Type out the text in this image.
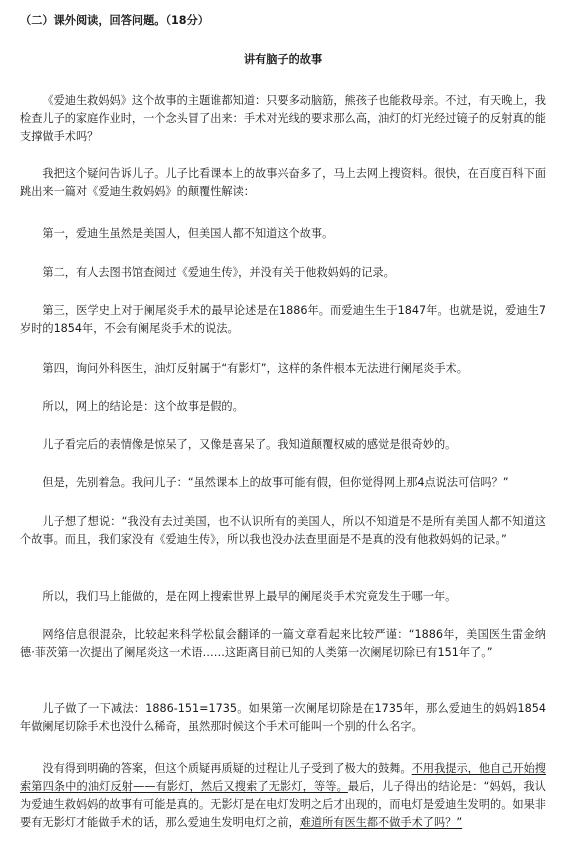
（二）课外阅读，回答问题。（18分）
讲有脑子的故事
《爱迪生救妈妈》这个故事的主题谁都知道：只要多动脑筋，熊孩子也能救母亲。不过，有天晚上，我检查儿子的家庭作业时，一个念头冒了出来：手术对光线的要求那么高，油灯的灯光经过镜子的反射真的能支撑做手术吗？
我把这个疑问告诉儿子。儿子比看课本上的故事兴奋多了，马上去网上搜资料。很快，在百度百科下面跳出来一篇对《爱迪生救妈妈》的颠覆性解读：
第一，爱迪生虽然是美国人，但美国人都不知道这个故事。
第二，有人去图书馆查阅过《爱迪生传》，并没有关于他救妈妈的记录。
第三，医学史上对于阑尾炎手术的最早论述是在1886年。而爱迪生生于1847年。也就是说，爱迪生7岁时的1854年，不会有阑尾炎手术的说法。
第四，询问外科医生，油灯反射属于“有影灯”，这样的条件根本无法进行阑尾炎手术。
所以，网上的结论是：这个故事是假的。
儿子看完后的表情像是惊呆了，又像是喜呆了。我知道颠覆权威的感觉是很奇妙的。
但是，先别着急。我问儿子：“虽然课本上的故事可能有假，但你觉得网上那4点说法可信吗？”
儿子想了想说：“我没有去过美国，也不认识所有的美国人，所以不知道是不是所有美国人都不知道这个故事。而且，我们家没有《爱迪生传》，所以我也没办法查里面是不是真的没有他救妈妈的记录。”
所以，我们马上能做的，是在网上搜索世界上最早的阑尾炎手术究竟发生于哪一年。
网络信息很混杂，比较起来科学松鼠会翻译的一篇文章看起来比较严谨：“1886年，美国医生雷金纳德·菲茨第一次提出了阑尾炎这一术语……这距离目前已知的人类第一次阑尾切除已有151年了。”
儿子做了一下减法：1886-151=1735。如果第一次阑尾切除是在1735年，那么爱迪生的妈妈1854年做阑尾切除手术也没什么稀奇，虽然那时候这个手术可能叫一个别的什么名字。
没有得到明确的答案，但这个质疑再质疑的过程让儿子受到了极大的鼓舞。不用我提示，他自己开始搜索第四条中的油灯反射——有影灯，然后又搜索了无影灯，等等。最后，儿子得出的结论是：“妈妈，我认为爱迪生救妈妈的故事有可能是真的。无影灯是在电灯发明之后才出现的，而电灯是爱迪生发明的。如果非要有无影灯才能做手术的话，那么爱迪生发明电灯之前，难道所有医生都不做手术了吗？”
